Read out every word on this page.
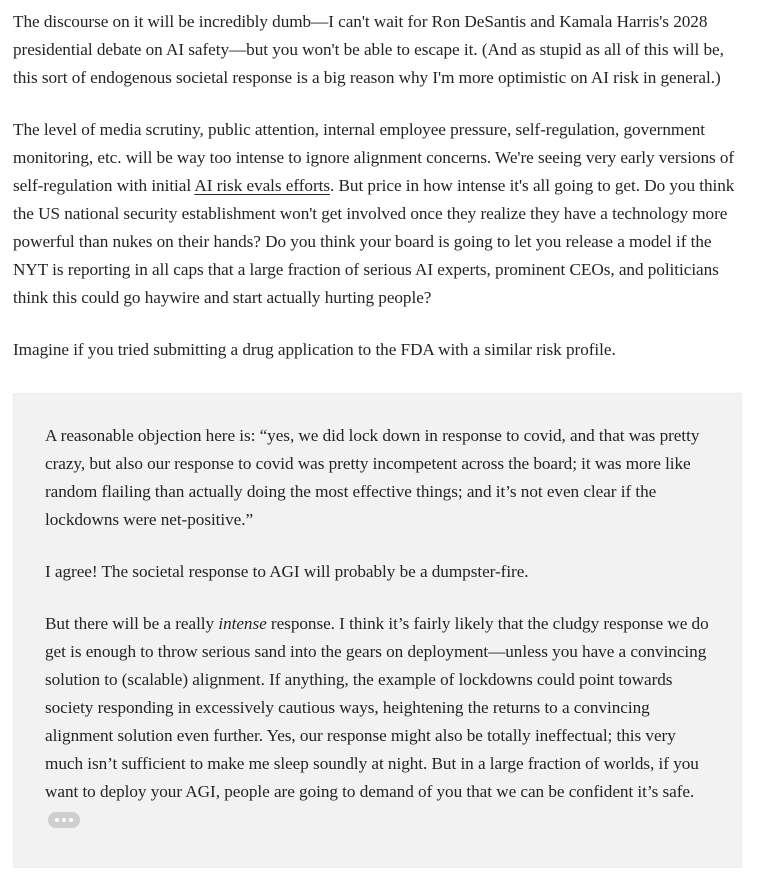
The discourse on it will be incredibly dumb—I can't wait for Ron DeSantis and Kamala Harris's 2028 presidential debate on AI safety—but you won't be able to escape it. (And as stupid as all of this will be, this sort of endogenous societal response is a big reason why I'm more optimistic on AI risk in general.)

The level of media scrutiny, public attention, internal employee pressure, self-regulation, government monitoring, etc. will be way too intense to ignore alignment concerns. We're seeing very early versions of self-regulation with initial AI risk evals efforts. But price in how intense it's all going to get. Do you think the US national security establishment won't get involved once they realize they have a technology more powerful than nukes on their hands? Do you think your board is going to let you release a model if the NYT is reporting in all caps that a large fraction of serious AI experts, prominent CEOs, and politicians think this could go haywire and start actually hurting people?

Imagine if you tried submitting a drug application to the FDA with a similar risk profile.

A reasonable objection here is: “yes, we did lock down in response to covid, and that was pretty crazy, but also our response to covid was pretty incompetent across the board; it was more like random flailing than actually doing the most effective things; and it’s not even clear if the lockdowns were net-positive.”

I agree! The societal response to AGI will probably be a dumpster-fire.

But there will be a really intense response. I think it’s fairly likely that the cludgy response we do get is enough to throw serious sand into the gears on deployment—unless you have a convincing solution to (scalable) alignment. If anything, the example of lockdowns could point towards society responding in excessively cautious ways, heightening the returns to a convincing alignment solution even further. Yes, our response might also be totally ineffectual; this very much isn’t sufficient to make me sleep soundly at night. But in a large fraction of worlds, if you want to deploy your AGI, people are going to demand of you that we can be confident it’s safe.
